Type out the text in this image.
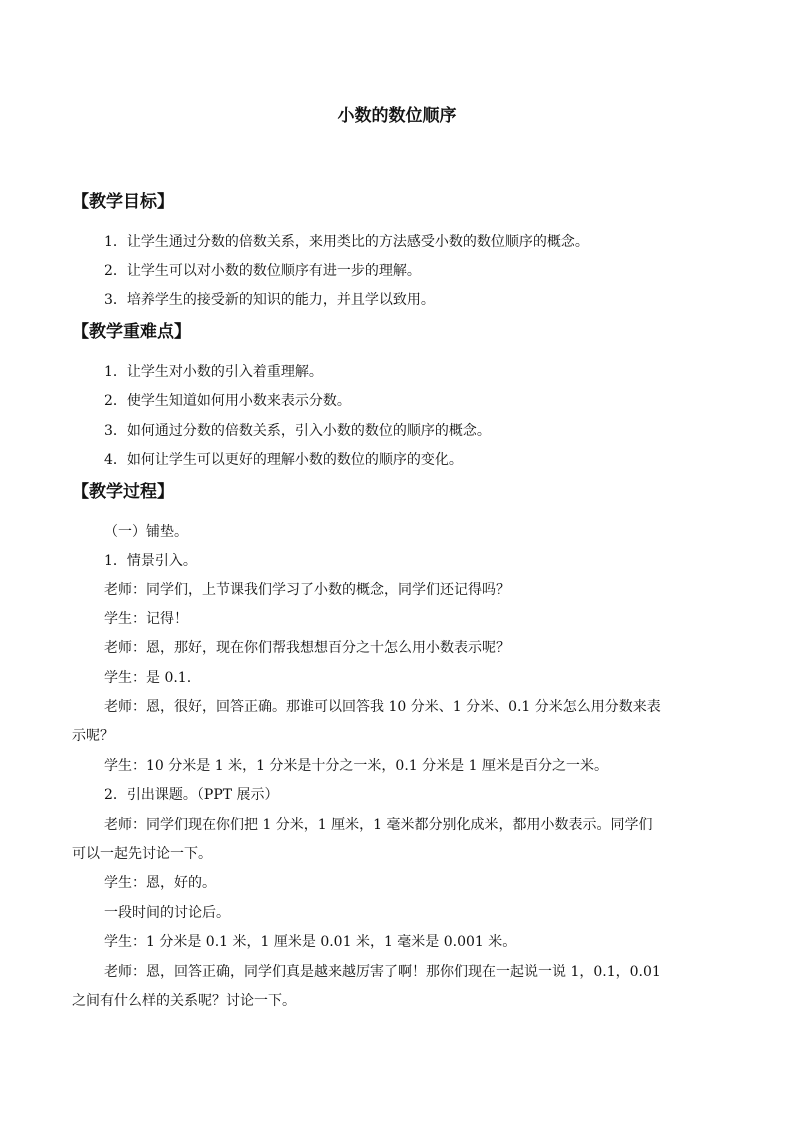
小数的数位顺序
【教学目标】
1．让学生通过分数的倍数关系，来用类比的方法感受小数的数位顺序的概念。
2．让学生可以对小数的数位顺序有进一步的理解。
3．培养学生的接受新的知识的能力，并且学以致用。
【教学重难点】
1．让学生对小数的引入着重理解。
2．使学生知道如何用小数来表示分数。
3．如何通过分数的倍数关系，引入小数的数位的顺序的概念。
4．如何让学生可以更好的理解小数的数位的顺序的变化。
【教学过程】
（一）铺垫。
1．情景引入。
老师：同学们，上节课我们学习了小数的概念，同学们还记得吗？
学生：记得！
老师：恩，那好，现在你们帮我想想百分之十怎么用小数表示呢？
学生：是 0.1.
老师：恩，很好，回答正确。那谁可以回答我 10 分米、1 分米、0.1 分米怎么用分数来表
示呢？
学生：10 分米是 1 米，1 分米是十分之一米，0.1 分米是 1 厘米是百分之一米。
2．引出课题。（PPT 展示）
老师：同学们现在你们把 1 分米，1 厘米，1 毫米都分别化成米，都用小数表示。同学们
可以一起先讨论一下。
学生：恩，好的。
一段时间的讨论后。
学生：1 分米是 0.1 米，1 厘米是 0.01 米，1 毫米是 0.001 米。
老师：恩，回答正确，同学们真是越来越厉害了啊！那你们现在一起说一说 1，0.1，0.01
之间有什么样的关系呢？讨论一下。
